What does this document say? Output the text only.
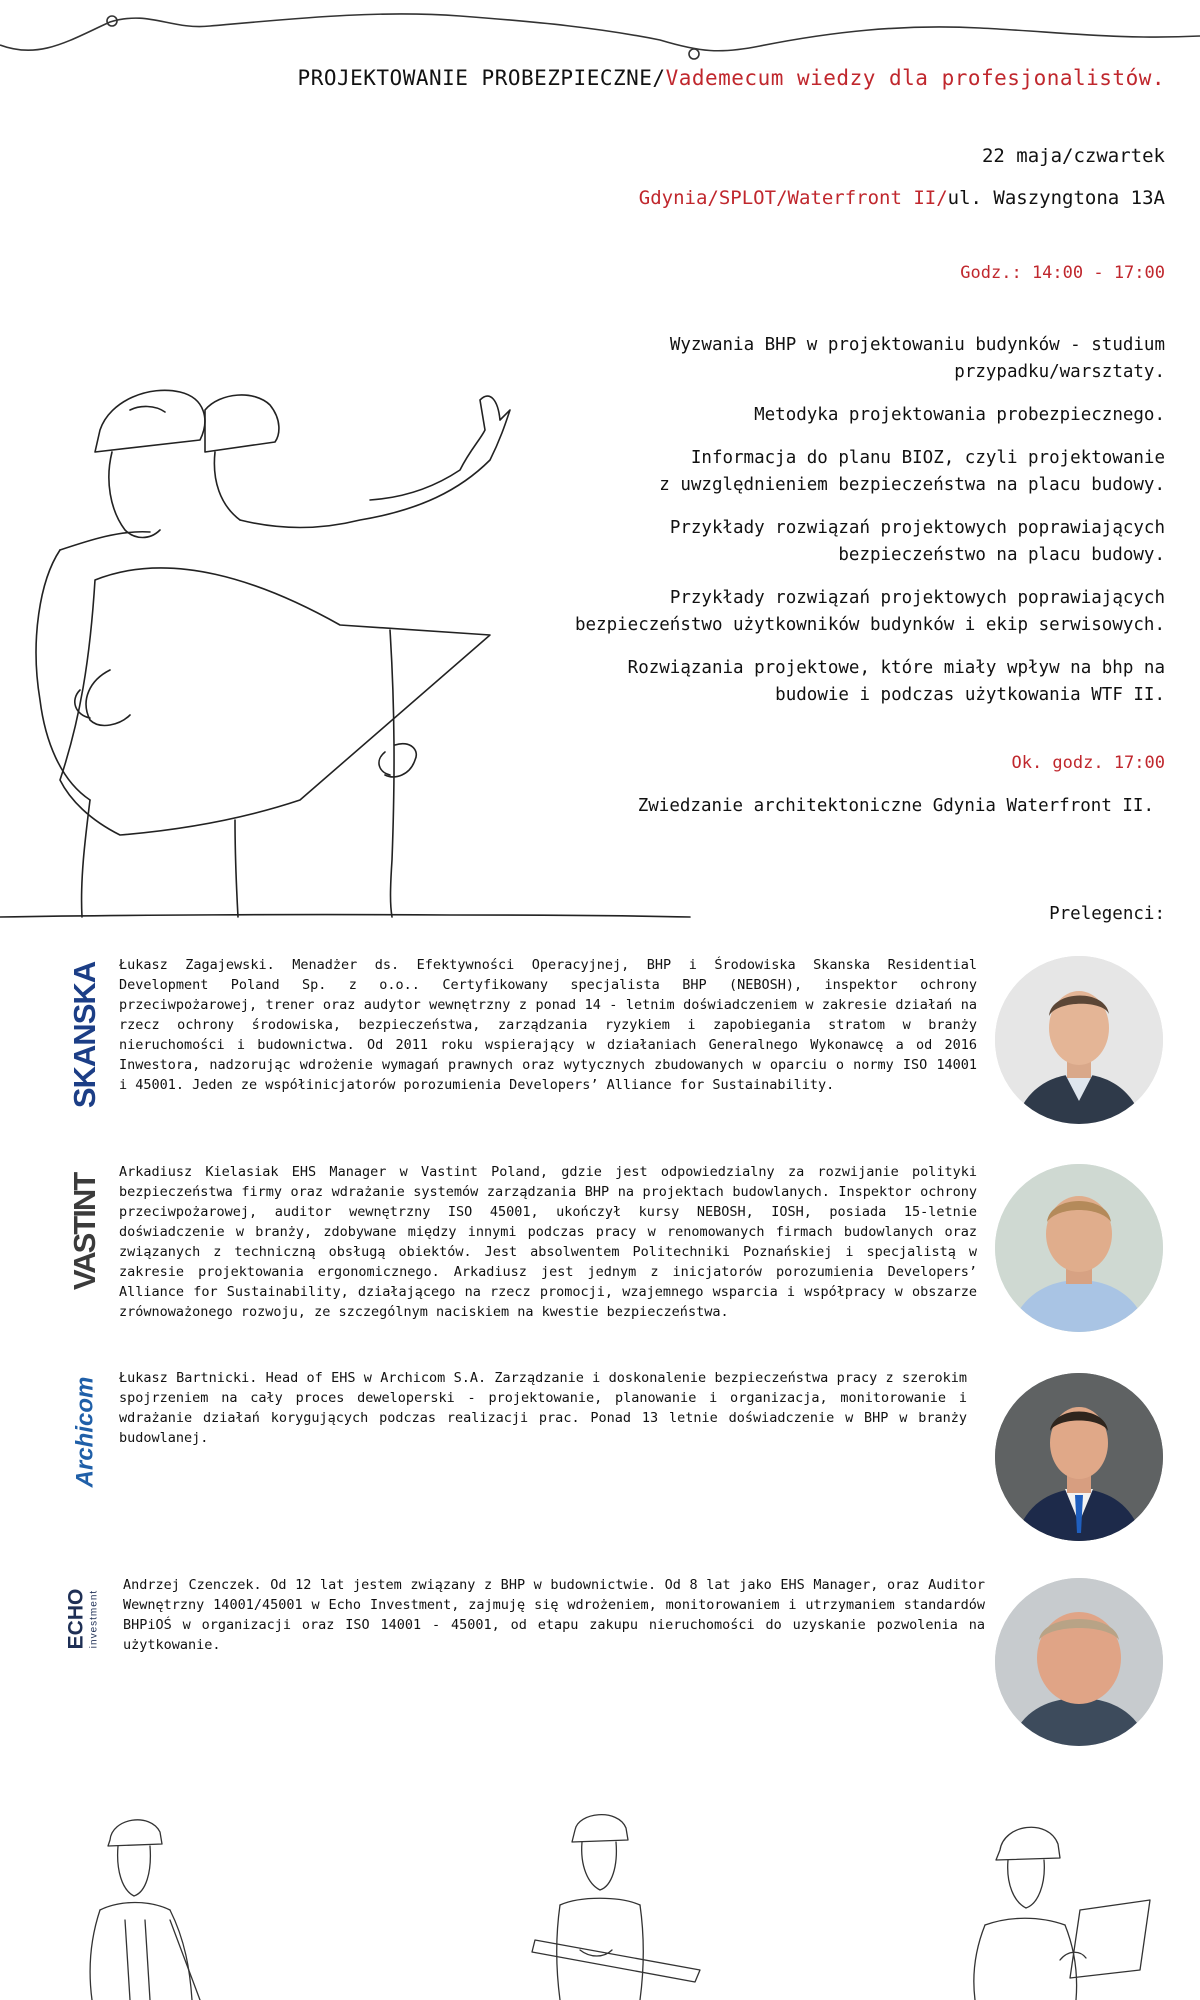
PROJEKTOWANIE PROBEZPIECZNE/Vademecum wiedzy dla profesjonalistów.
22 maja/czwartek
Gdynia/SPLOT/Waterfront II/ul. Waszyngtona 13A
Godz.: 14:00 - 17:00
Wyzwania BHP w projektowaniu budynków - studium
przypadku/warsztaty.
Metodyka projektowania probezpiecznego.
Informacja do planu BIOZ, czyli projektowanie
z uwzględnieniem bezpieczeństwa na placu budowy.
Przykłady rozwiązań projektowych poprawiających
bezpieczeństwo na placu budowy.
Przykłady rozwiązań projektowych poprawiających
bezpieczeństwo użytkowników budynków i ekip serwisowych.
Rozwiązania projektowe, które miały wpływ na bhp na
budowie i podczas użytkowania WTF II.
Ok. godz. 17:00
Zwiedzanie architektoniczne Gdynia Waterfront II.
Prelegenci:
SKANSKA
VASTINT
Archicom
ECHO investment

Łukasz Zagajewski. Menadżer ds. Efektywności Operacyjnej, BHP i Środowiska Skanska Residential Development Poland Sp. z o.o.. Certyfikowany specjalista BHP (NEBOSH), inspektor ochrony przeciwpożarowej, trener oraz audytor wewnętrzny z ponad 14 - letnim doświadczeniem w zakresie działań na rzecz ochrony środowiska, bezpieczeństwa, zarządzania ryzykiem i zapobiegania stratom w branży nieruchomości i budownictwa. Od 2011 roku wspierający w działaniach Generalnego Wykonawcę a od 2016 Inwestora, nadzorując wdrożenie wymagań prawnych oraz wytycznych zbudowanych w oparciu o normy ISO 14001 i 45001. Jeden ze współinicjatorów porozumienia Developers’ Alliance for Sustainability.

Arkadiusz Kielasiak EHS Manager w Vastint Poland, gdzie jest odpowiedzialny za rozwijanie polityki bezpieczeństwa firmy oraz wdrażanie systemów zarządzania BHP na projektach budowlanych. Inspektor ochrony przeciwpożarowej, auditor wewnętrzny ISO 45001, ukończył kursy NEBOSH, IOSH, posiada 15-letnie doświadczenie w branży, zdobywane między innymi podczas pracy w renomowanych firmach budowlanych oraz związanych z techniczną obsługą obiektów. Jest absolwentem Politechniki Poznańskiej i specjalistą w zakresie projektowania ergonomicznego. Arkadiusz jest jednym z inicjatorów porozumienia Developers’ Alliance for Sustainability, działającego na rzecz promocji, wzajemnego wsparcia i współpracy w obszarze zrównoważonego rozwoju, ze szczególnym naciskiem na kwestie bezpieczeństwa.

Łukasz Bartnicki. Head of EHS w Archicom S.A. Zarządzanie i doskonalenie bezpieczeństwa pracy z szerokim spojrzeniem na cały proces deweloperski - projektowanie, planowanie i organizacja, monitorowanie i wdrażanie działań korygujących podczas realizacji prac. Ponad 13 letnie doświadczenie w BHP w branży budowlanej.

Andrzej Czenczek. Od 12 lat jestem związany z BHP w budownictwie. Od 8 lat jako EHS Manager, oraz Auditor Wewnętrzny 14001/45001 w Echo Investment, zajmuję się wdrożeniem, monitorowaniem i utrzymaniem standardów BHPiOŚ w organizacji oraz ISO 14001 - 45001, od etapu zakupu nieruchomości do uzyskanie pozwolenia na użytkowanie.
